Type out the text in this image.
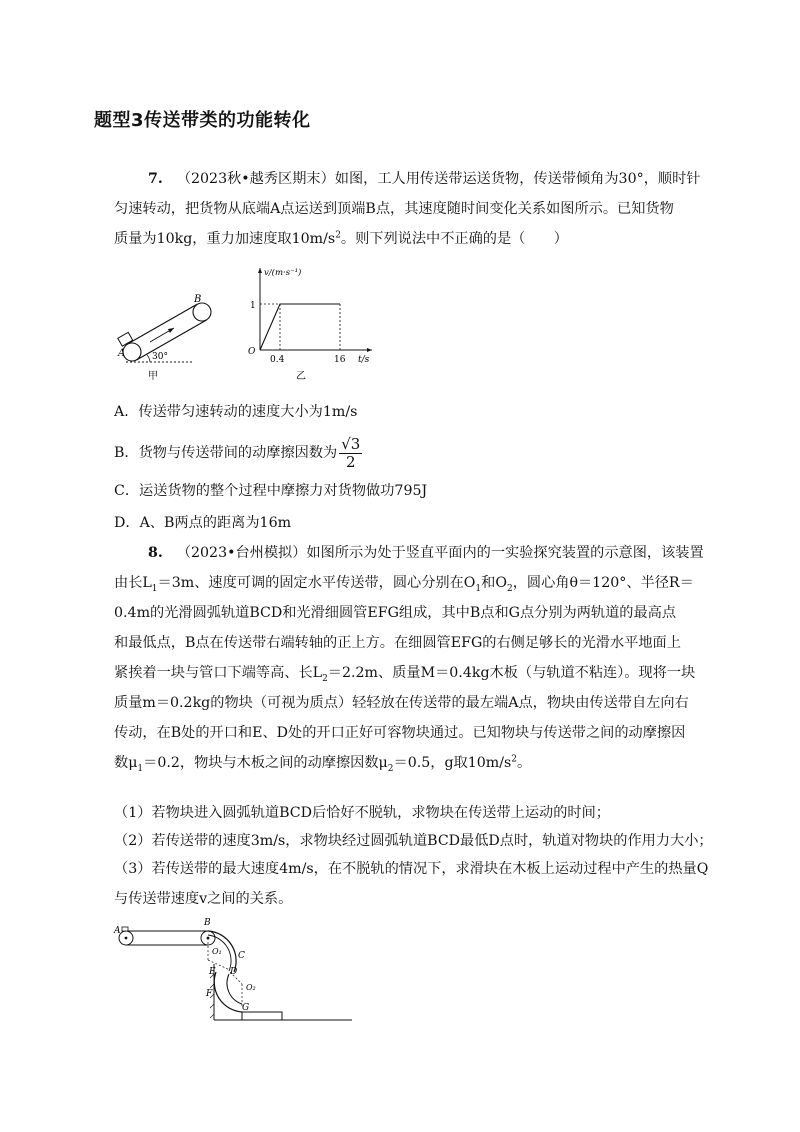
题型3传送带类的功能转化
7. （2023秋•越秀区期末）如图，工人用传送带运送货物，传送带倾角为30°，顺时针
匀速转动，把货物从底端A点运送到顶端B点，其速度随时间变化关系如图所示。已知货物
质量为10kg，重力加速度取$10m/s^2$。则下列说法中不正确的是（　　）
A
B
30°
甲
v/(m·s⁻¹)
t/s
O
1
0.4	16
乙
A．传送带匀速转动的速度大小为1m/s
B．货物与传送带间的动摩擦因数为 $\frac{√3}{2}$
C．运送货物的整个过程中摩擦力对货物做功795J
D．A、B两点的距离为16m
8. （2023•台州模拟）如图所示为处于竖直平面内的一实验探究装置的示意图，该装置
由长$L_1=3m$、速度可调的固定水平传送带，圆心分别在$O_1$和$O_2$，圆心角θ＝120°、半径R＝
0.4m的光滑圆弧轨道BCD和光滑细圆管EFG组成，其中B点和G点分别为两轨道的最高点
和最低点，B点在传送带右端转轴的正上方。在细圆管EFG的右侧足够长的光滑水平地面上
紧挨着一块与管口下端等高、长$L_2=2.2m$、质量M＝0.4kg木板（与轨道不粘连）。现将一块
质量m＝0.2kg的物块（可视为质点）轻轻放在传送带的最左端A点，物块由传送带自左向右
传动，在B处的开口和E、D处的开口正好可容物块通过。已知物块与传送带之间的动摩擦因
数$\mu_1=0.2$，物块与木板之间的动摩擦因数$\mu_2=0.5$，g取$10m/s^2$。
（1）若物块进入圆弧轨道BCD后恰好不脱轨，求物块在传送带上运动的时间；
（2）若传送带的速度3m/s，求物块经过圆弧轨道BCD最低D点时，轨道对物块的作用力大小；
（3）若传送带的最大速度4m/s，在不脱轨的情况下，求滑块在木板上运动过程中产生的热量Q
与传送带速度v之间的关系。
A
B
C
D
E
F
G
O₁
O₂
